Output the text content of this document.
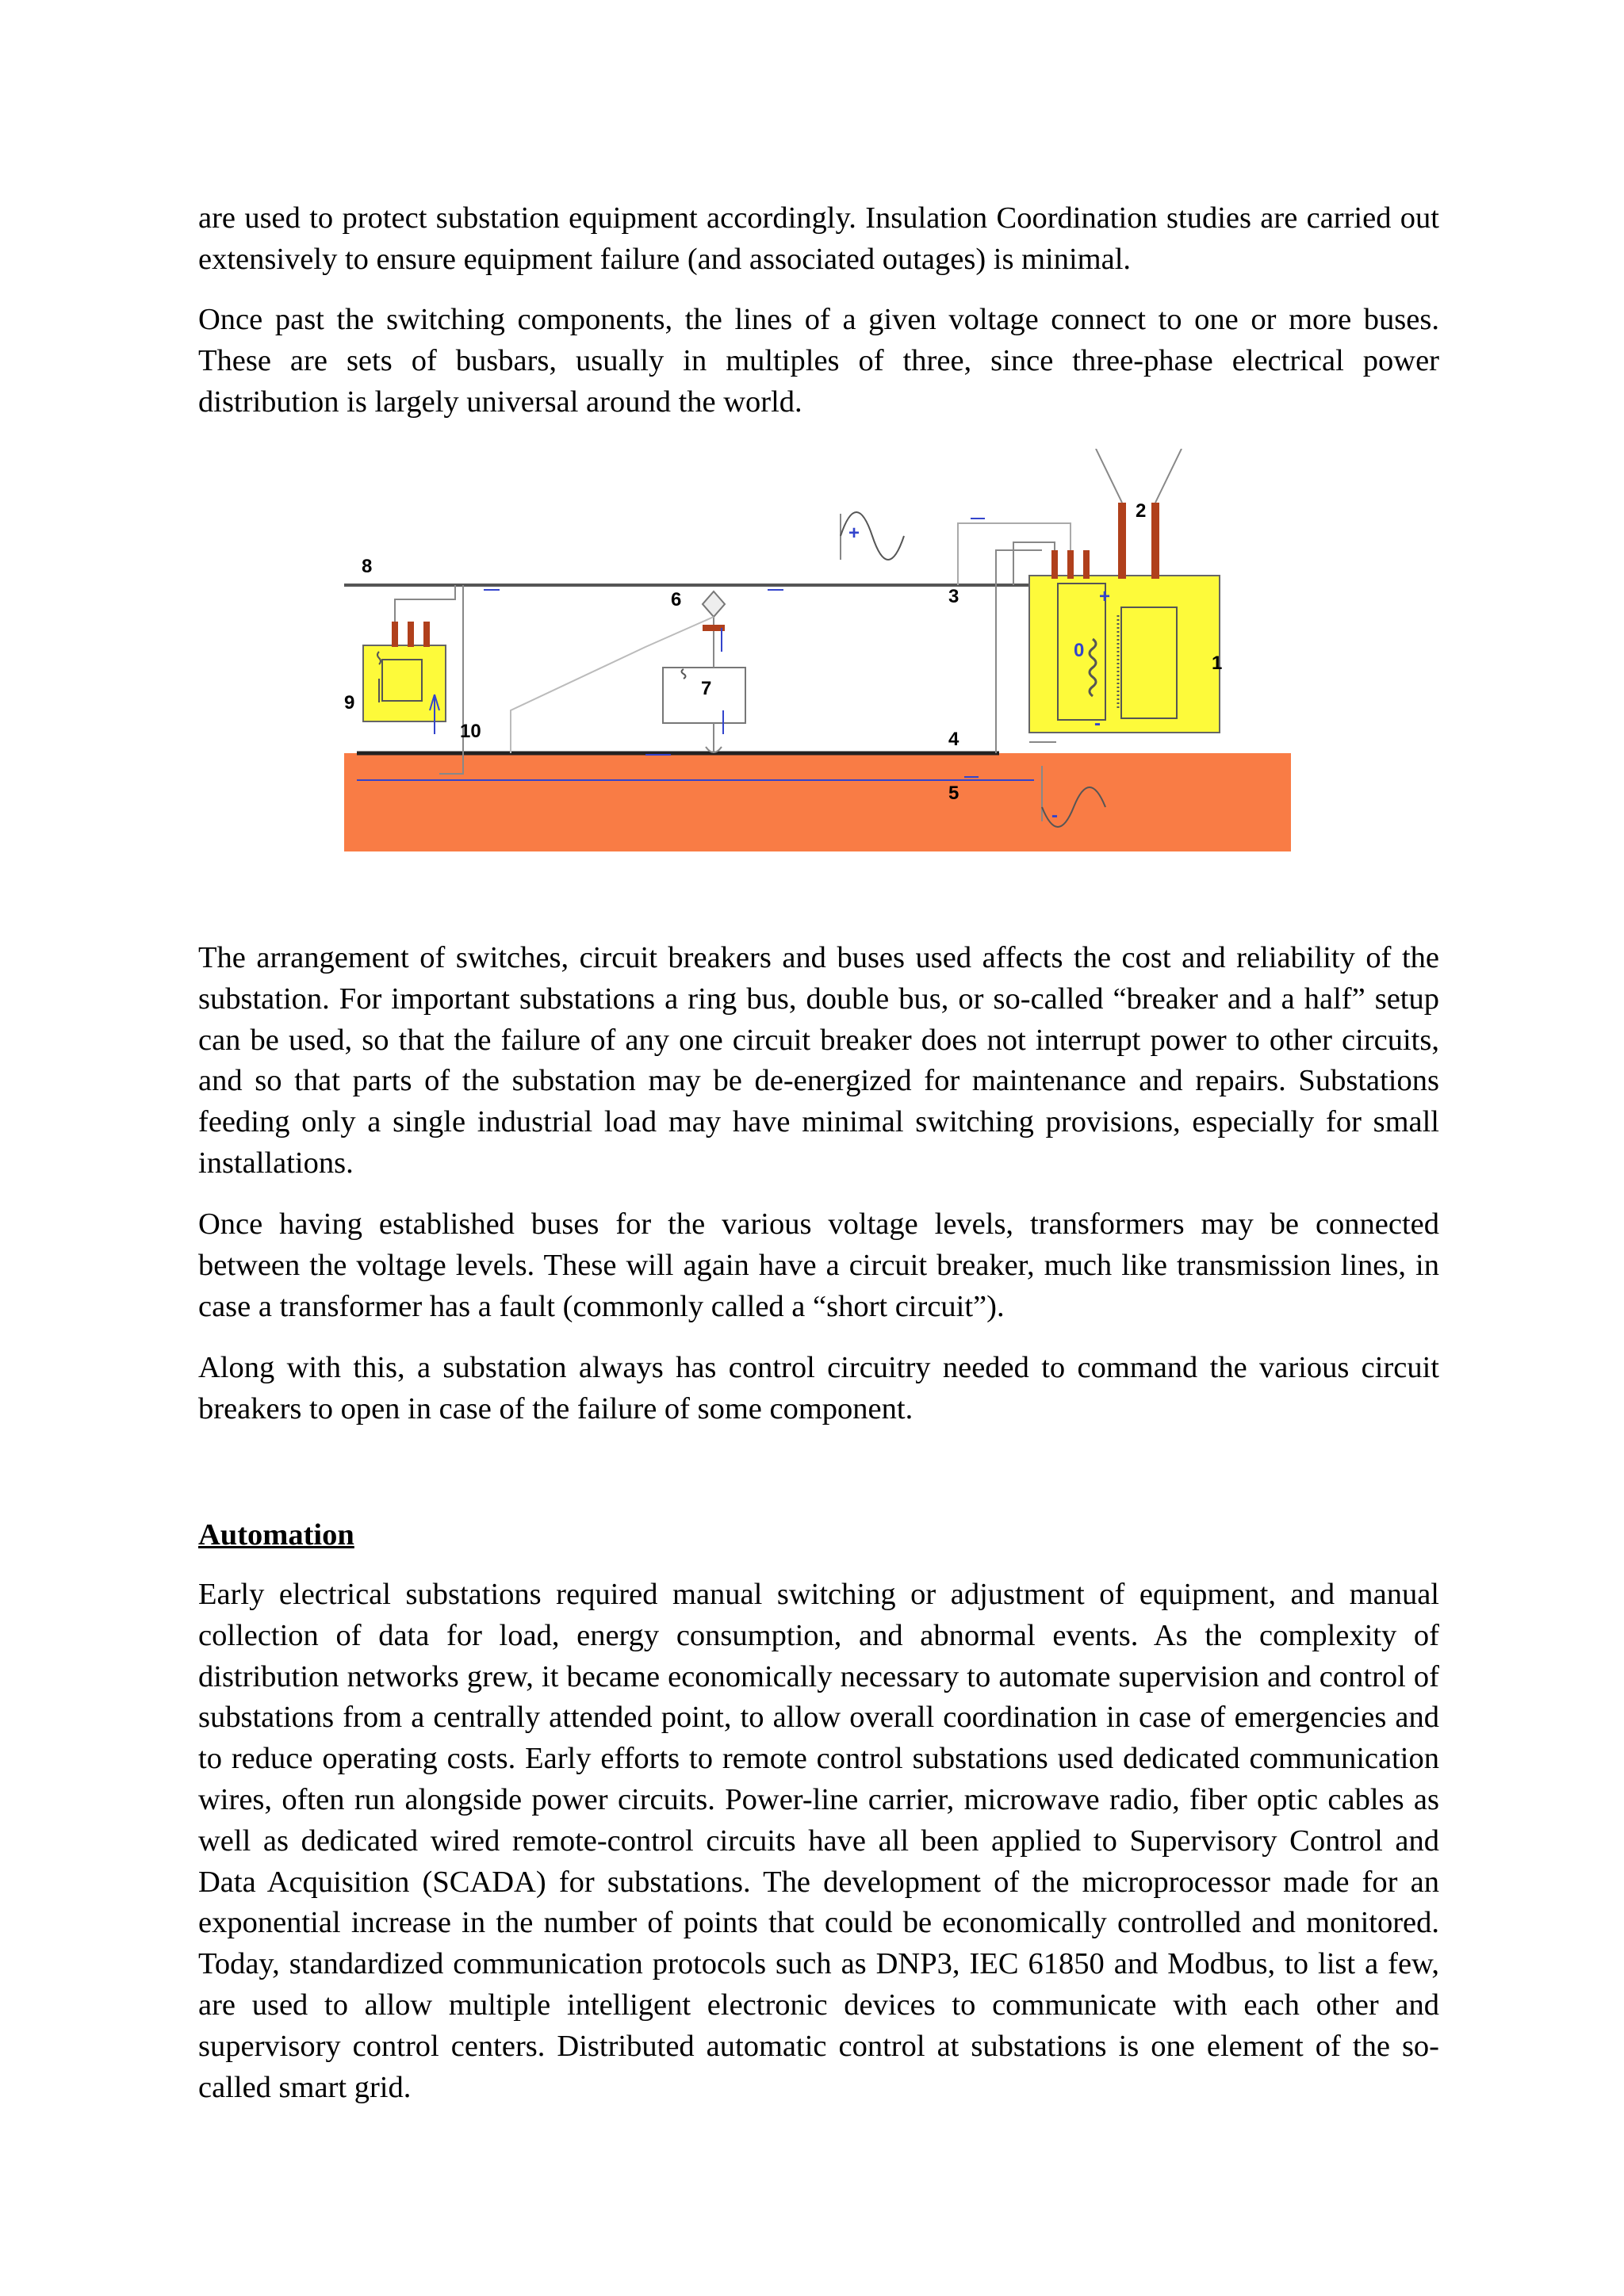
are used to protect substation equipment accordingly. Insulation Coordination studies are carried out extensively to ensure equipment failure (and associated outages) is minimal.

Once past the switching components, the lines of a given voltage connect to one or more buses. These are sets of busbars, usually in multiples of three, since three-phase electrical power distribution is largely universal around the world.

1
2
3
4
5
6
7
8
9
10
+
+
-
-
0

The arrangement of switches, circuit breakers and buses used affects the cost and reliability of the substation. For important substations a ring bus, double bus, or so-called “breaker and a half” setup can be used, so that the failure of any one circuit breaker does not interrupt power to other circuits, and so that parts of the substation may be de-energized for maintenance and repairs. Substations feeding only a single industrial load may have minimal switching provisions, especially for small installations.

Once having established buses for the various voltage levels, transformers may be connected between the voltage levels. These will again have a circuit breaker, much like transmission lines, in case a transformer has a fault (commonly called a “short circuit”).

Along with this, a substation always has control circuitry needed to command the various circuit breakers to open in case of the failure of some component.

Automation

Early electrical substations required manual switching or adjustment of equipment, and manual collection of data for load, energy consumption, and abnormal events. As the complexity of distribution networks grew, it became economically necessary to automate supervision and control of substations from a centrally attended point, to allow overall coordination in case of emergencies and to reduce operating costs. Early efforts to remote control substations used dedicated communication wires, often run alongside power circuits. Power-line carrier, microwave radio, fiber optic cables as well as dedicated wired remote-control circuits have all been applied to Supervisory Control and Data Acquisition (SCADA) for substations. The development of the microprocessor made for an exponential increase in the number of points that could be economically controlled and monitored. Today, standardized communication protocols such as DNP3, IEC 61850 and Modbus, to list a few, are used to allow multiple intelligent electronic devices to communicate with each other and supervisory control centers. Distributed automatic control at substations is one element of the so-called smart grid.
